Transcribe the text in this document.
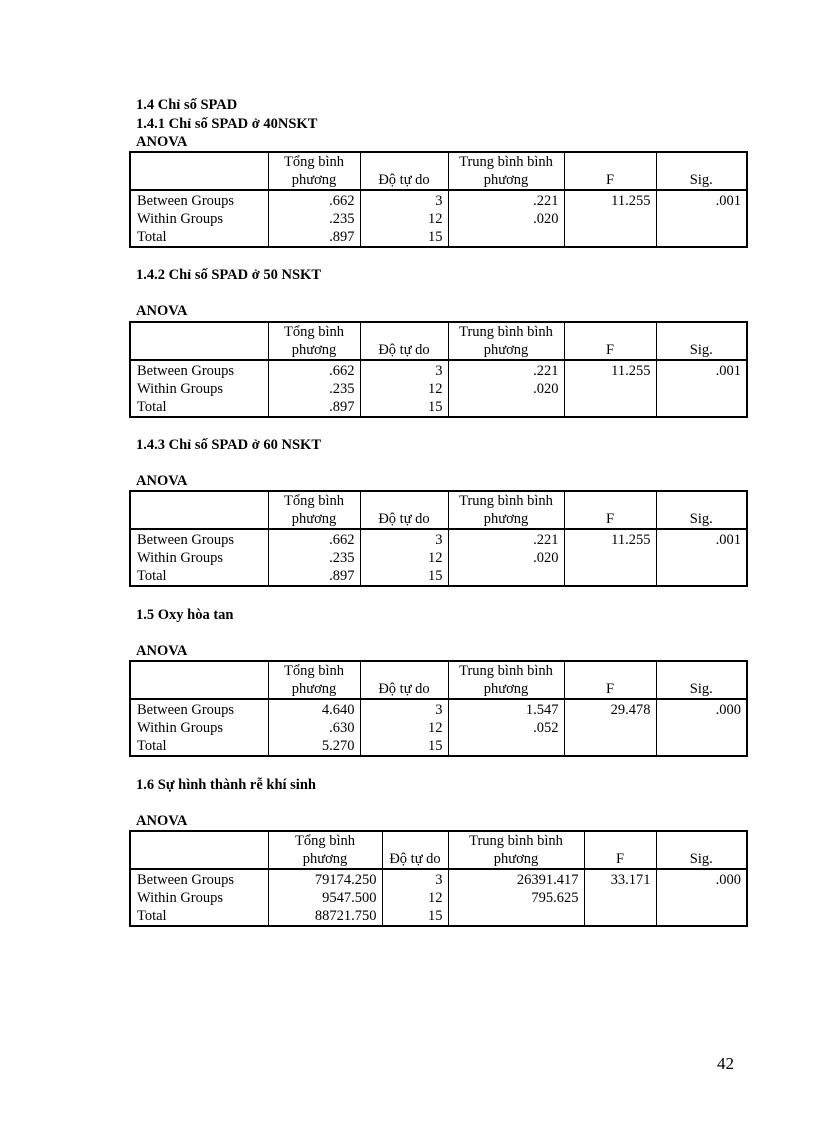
1.4 Chỉ số SPAD
1.4.1 Chỉ số SPAD ở 40NSKT
ANOVA
	Tổng bình phương	Độ tự do	Trung bình bình phương	F	Sig.
Between Groups	.662	3	.221	11.255	.001
Within Groups	.235	12	.020		
Total	.897	15			
1.4.2 Chỉ số SPAD ở 50 NSKT
ANOVA
	Tổng bình phương	Độ tự do	Trung bình bình phương	F	Sig.
Between Groups	.662	3	.221	11.255	.001
Within Groups	.235	12	.020		
Total	.897	15			
1.4.3 Chỉ số SPAD ở 60 NSKT
ANOVA
	Tổng bình phương	Độ tự do	Trung bình bình phương	F	Sig.
Between Groups	.662	3	.221	11.255	.001
Within Groups	.235	12	.020		
Total	.897	15			
1.5 Oxy hòa tan
ANOVA
	Tổng bình phương	Độ tự do	Trung bình bình phương	F	Sig.
Between Groups	4.640	3	1.547	29.478	.000
Within Groups	.630	12	.052		
Total	5.270	15			
1.6 Sự hình thành rễ khí sinh
ANOVA
	Tổng bình phương	Độ tự do	Trung bình bình phương	F	Sig.
Between Groups	79174.250	3	26391.417	33.171	.000
Within Groups	9547.500	12	795.625		
Total	88721.750	15			
42
